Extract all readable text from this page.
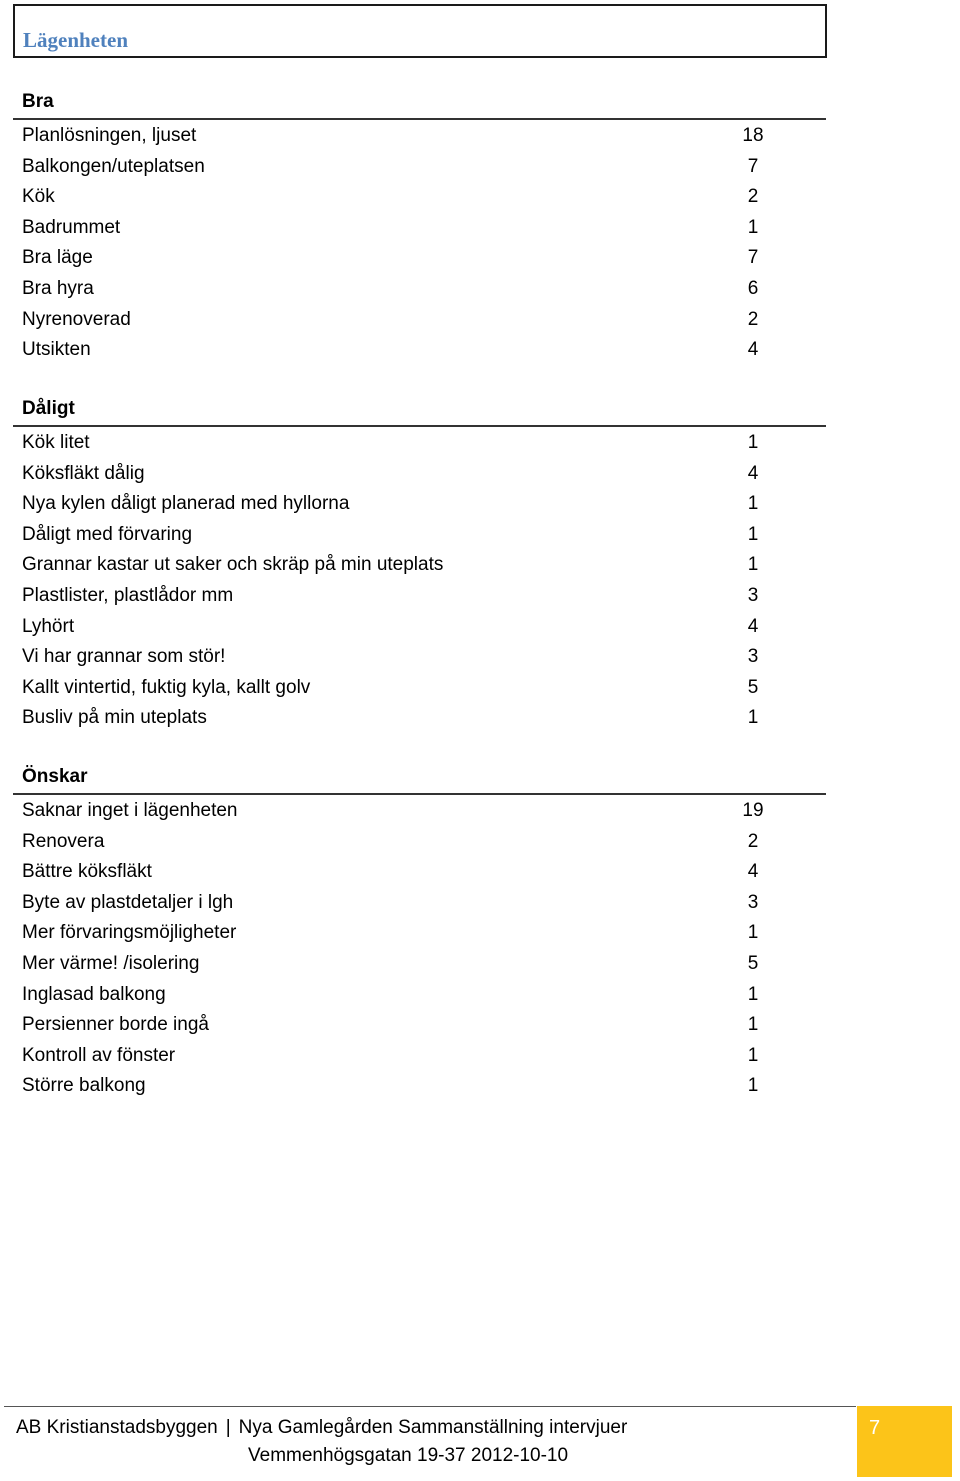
Lägenheten
Bra
Planlösningen, ljuset	18
Balkongen/uteplatsen	7
Kök	2
Badrummet	1
Bra läge	7
Bra hyra	6
Nyrenoverad	2
Utsikten	4
Dåligt
Kök litet	1
Köksfläkt dålig	4
Nya kylen dåligt planerad med hyllorna	1
Dåligt med förvaring	1
Grannar kastar ut saker och skräp på min uteplats	1
Plastlister, plastlådor mm	3
Lyhört	4
Vi har grannar som stör!	3
Kallt vintertid, fuktig kyla, kallt golv	5
Busliv på min uteplats	1
Önskar
Saknar inget i lägenheten	19
Renovera	2
Bättre köksfläkt	4
Byte av plastdetaljer i lgh	3
Mer förvaringsmöjligheter	1
Mer värme! /isolering	5
Inglasad balkong	1
Persienner borde ingå	1
Kontroll av fönster	1
Större balkong	1
AB Kristianstadsbyggen | Nya Gamlegården Sammanställning intervjuer
Vemmenhögsgatan 19-37 2012-10-10
7
